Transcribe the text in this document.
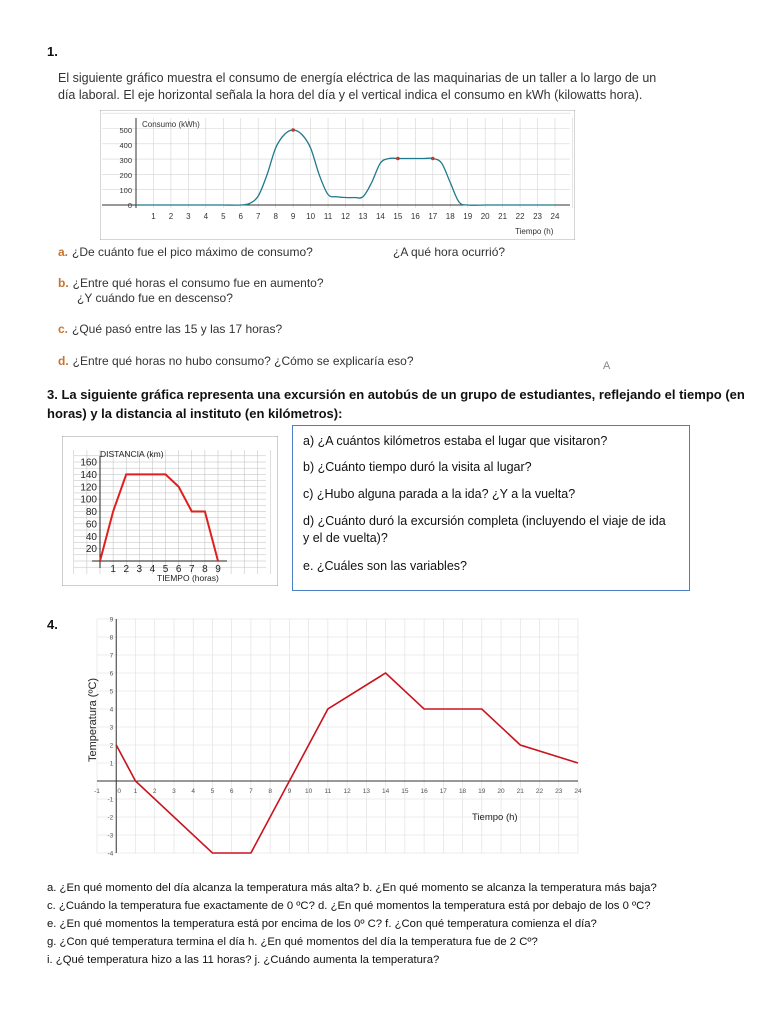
1.
El siguiente gráfico muestra el consumo de energía eléctrica de las maquinarias de un taller a lo largo de un
día laboral. El eje horizontal señala la hora del día y el vertical indica el consumo en kWh (kilowatts hora).
Consumo (kWh)
Tiempo (h)
500
400
300
200
100
0
1 2 3 4 5 6 7 8 9 10 11 12 13 14 15 16 17 18 19 20 21 22 23 24
a. ¿De cuánto fue el pico máximo de consumo?	¿A qué hora ocurrió?
b. ¿Entre qué horas el consumo fue en aumento?
¿Y cuándo fue en descenso?
c. ¿Qué pasó entre las 15 y las 17 horas?
d. ¿Entre qué horas no hubo consumo? ¿Cómo se explicaría eso?	A
3. La siguiente gráfica representa una excursión en autobús de un grupo de estudiantes, reflejando el tiempo (en
horas) y la distancia al instituto (en kilómetros):
DISTANCIA (km)
TIEMPO (horas)
160
140
120
100
80
60
40
20
1 2 3 4 5 6 7 8 9
a) ¿A cuántos kilómetros estaba el lugar que visitaron?
b) ¿Cuánto tiempo duró la visita al lugar?
c) ¿Hubo alguna parada a la ida? ¿Y a la vuelta?
d) ¿Cuánto duró la excursión completa (incluyendo el viaje de ida
y el de vuelta)?
e. ¿Cuáles son las variables?
4.
-1	0 1 2 3 4 5 6 7 8 9 10 11 12 13 14 15 16 17 18 19 20 21 22 23 24
9
8
7
6
5
4
3
2
1
-1
-2
-3
-4
Temperatura (ºC)
Tiempo (h)
a. ¿En qué momento del día alcanza la temperatura más alta? b. ¿En qué momento se alcanza la temperatura más baja?
c. ¿Cuándo la temperatura fue exactamente de 0 ºC? d. ¿En qué momentos la temperatura está por debajo de los 0 ºC?
e. ¿En qué momentos la temperatura está por encima de los 0º C? f. ¿Con qué temperatura comienza el día?
g. ¿Con qué temperatura termina el día h. ¿En qué momentos del día la temperatura fue de 2 Cº?
i. ¿Qué temperatura hizo a las 11 horas? j. ¿Cuándo aumenta la temperatura?
